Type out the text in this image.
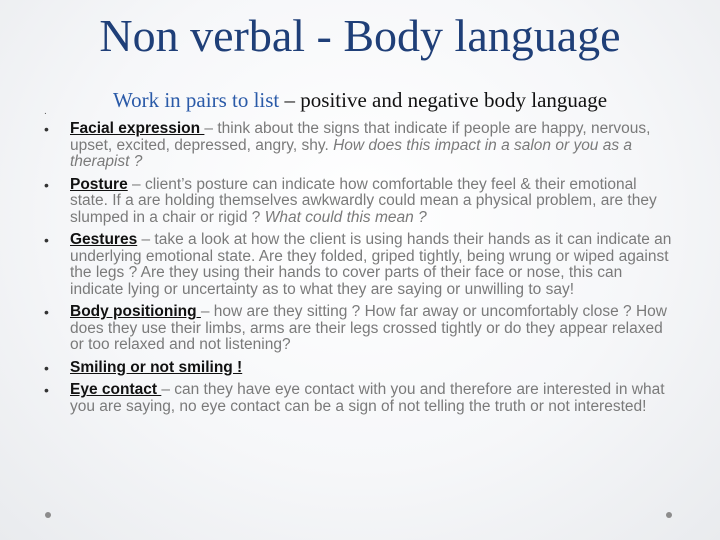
Non verbal - Body language
Work in pairs to list – positive and negative body language
.
• Facial expression – think about the signs that indicate if people are happy, nervous, upset, excited, depressed, angry, shy. How does this impact in a salon or you as a therapist ?
• Posture – client’s posture can indicate how comfortable they feel & their emotional state. If a are holding themselves awkwardly could mean a physical problem, are they slumped in a chair or rigid ? What could this mean ?
• Gestures – take a look at how the client is using hands their hands as it can indicate an underlying emotional state. Are they folded, griped tightly, being wrung or wiped against the legs ? Are they using their hands to cover parts of their face or nose, this can indicate lying or uncertainty as to what they are saying or unwilling to say!
• Body positioning – how are they sitting ? How far away or uncomfortably close ? How does they use their limbs, arms are their legs crossed tightly or do they appear relaxed or too relaxed and not listening?
• Smiling or not smiling !
• Eye contact – can they have eye contact with you and therefore are interested in what you are saying, no eye contact can be a sign of not telling the truth or not interested!
